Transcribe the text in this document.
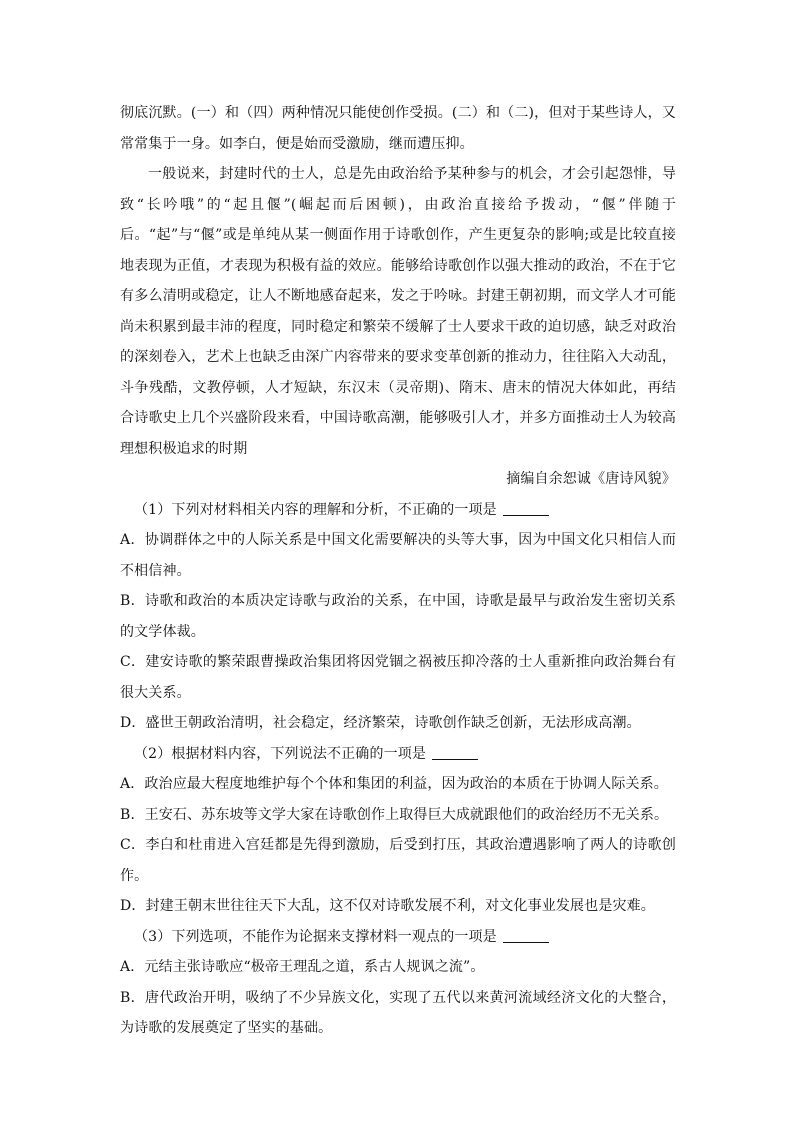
彻底沉默。(一）和（四）两种情况只能使创作受损。(二）和（二)，但对于某些诗人，又常常集于一身。如李白，便是始而受激励，继而遭压抑。

一般说来，封建时代的士人，总是先由政治给予某种参与的机会，才会引起怨悱，导致“长吟哦”的“起且偃”(崛起而后困顿)，由政治直接给予拨动，“偃”伴随于后。“起”与“偃”或是单纯从某一侧面作用于诗歌创作，产生更复杂的影响;或是比较直接地表现为正值，才表现为积极有益的效应。能够给诗歌创作以强大推动的政治，不在于它有多么清明或稳定，让人不断地感奋起来，发之于吟咏。封建王朝初期，而文学人才可能尚未积累到最丰沛的程度，同时稳定和繁荣不缓解了士人要求干政的迫切感，缺乏对政治的深刻卷入，艺术上也缺乏由深广内容带来的要求变革创新的推动力，往往陷入大动乱，斗争残酷，文教停顿，人才短缺，东汉末（灵帝期)、隋末、唐末的情况大体如此，再结合诗歌史上几个兴盛阶段来看，中国诗歌高潮，能够吸引人才，并多方面推动士人为较高理想积极追求的时期

摘编自余恕诚《唐诗风貌》

（1）下列对材料相关内容的理解和分析，不正确的一项是

A．协调群体之中的人际关系是中国文化需要解决的头等大事，因为中国文化只相信人而不相信神。

B．诗歌和政治的本质决定诗歌与政治的关系，在中国，诗歌是最早与政治发生密切关系的文学体裁。

C．建安诗歌的繁荣跟曹操政治集团将因党锢之祸被压抑冷落的士人重新推向政治舞台有很大关系。

D．盛世王朝政治清明，社会稳定，经济繁荣，诗歌创作缺乏创新，无法形成高潮。

（2）根据材料内容，下列说法不正确的一项是

A．政治应最大程度地维护每个个体和集团的利益，因为政治的本质在于协调人际关系。

B．王安石、苏东坡等文学大家在诗歌创作上取得巨大成就跟他们的政治经历不无关系。

C．李白和杜甫进入宫廷都是先得到激励，后受到打压，其政治遭遇影响了两人的诗歌创作。

D．封建王朝末世往往天下大乱，这不仅对诗歌发展不利，对文化事业发展也是灾难。

（3）下列选项，不能作为论据来支撑材料一观点的一项是

A．元结主张诗歌应“极帝王理乱之道，系古人规讽之流”。

B．唐代政治开明，吸纳了不少异族文化，实现了五代以来黄河流域经济文化的大整合，为诗歌的发展奠定了坚实的基础。
